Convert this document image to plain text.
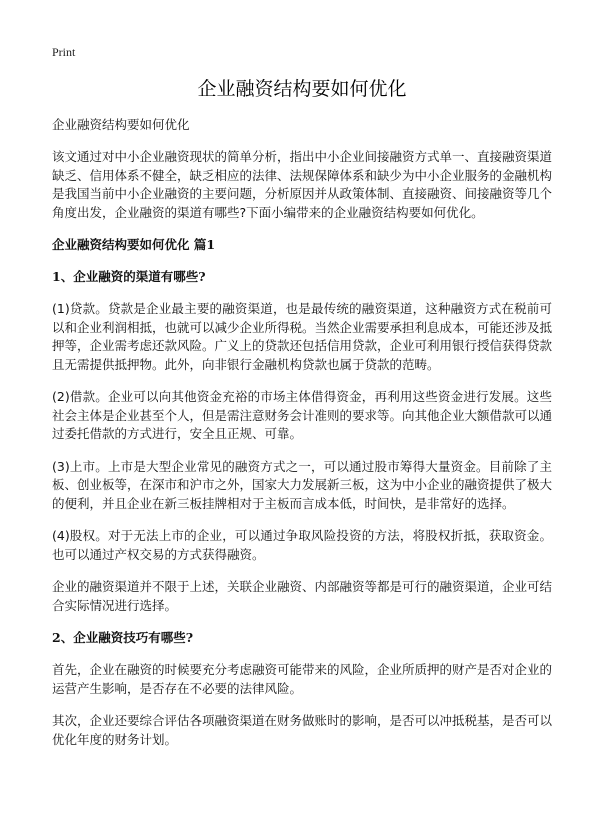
Print
企业融资结构要如何优化
企业融资结构要如何优化

该文通过对中小企业融资现状的简单分析，指出中小企业间接融资方式单一、直接融资渠道缺乏、信用体系不健全，缺乏相应的法律、法规保障体系和缺少为中小企业服务的金融机构是我国当前中小企业融资的主要问题，分析原因并从政策体制、直接融资、间接融资等几个角度出发，企业融资的渠道有哪些?下面小编带来的企业融资结构要如何优化。

企业融资结构要如何优化 篇1
1、企业融资的渠道有哪些?

(1)贷款。贷款是企业最主要的融资渠道，也是最传统的融资渠道，这种融资方式在税前可以和企业利润相抵，也就可以减少企业所得税。当然企业需要承担利息成本，可能还涉及抵押等，企业需考虑还款风险。广义上的贷款还包括信用贷款，企业可利用银行授信获得贷款且无需提供抵押物。此外，向非银行金融机构贷款也属于贷款的范畴。

(2)借款。企业可以向其他资金充裕的市场主体借得资金，再利用这些资金进行发展。这些社会主体是企业甚至个人，但是需注意财务会计准则的要求等。向其他企业大额借款可以通过委托借款的方式进行，安全且正规、可靠。

(3)上市。上市是大型企业常见的融资方式之一，可以通过股市筹得大量资金。目前除了主板、创业板等，在深市和沪市之外，国家大力发展新三板，这为中小企业的融资提供了极大的便利，并且企业在新三板挂牌相对于主板而言成本低，时间快，是非常好的选择。

(4)股权。对于无法上市的企业，可以通过争取风险投资的方法，将股权折抵，获取资金。也可以通过产权交易的方式获得融资。

企业的融资渠道并不限于上述，关联企业融资、内部融资等都是可行的融资渠道，企业可结合实际情况进行选择。

2、企业融资技巧有哪些?

首先，企业在融资的时候要充分考虑融资可能带来的风险，企业所质押的财产是否对企业的运营产生影响，是否存在不必要的法律风险。

其次，企业还要综合评估各项融资渠道在财务做账时的影响，是否可以冲抵税基，是否可以优化年度的财务计划。
